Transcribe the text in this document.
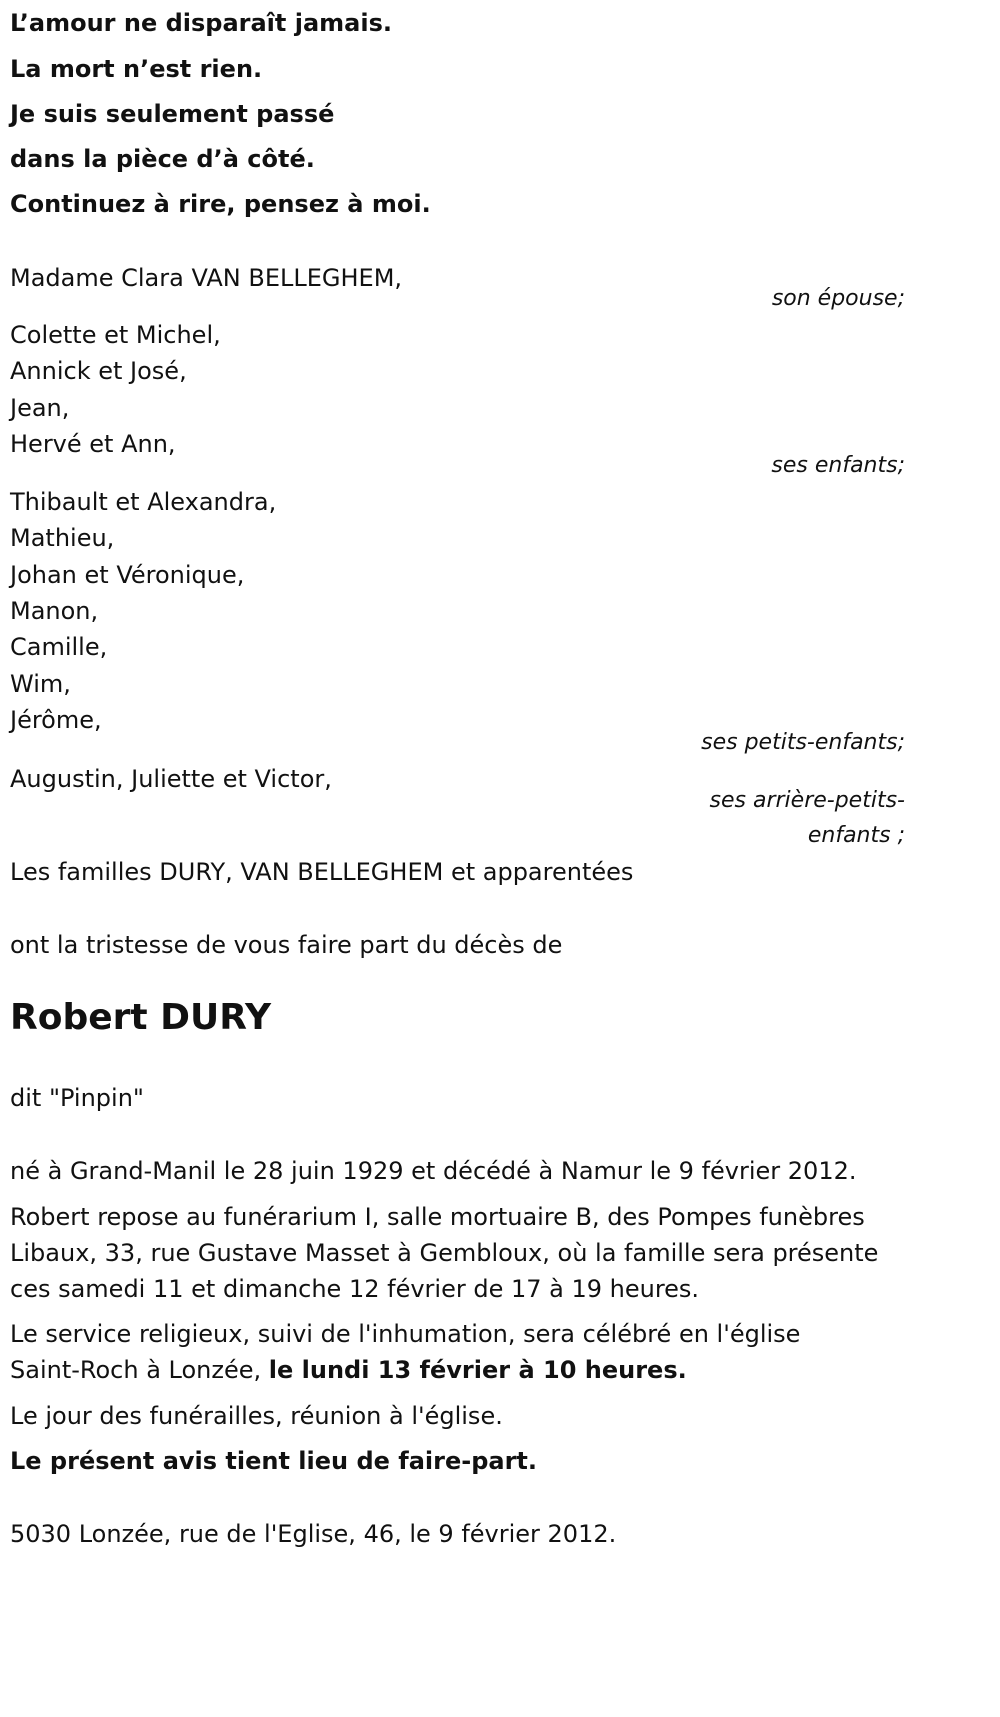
L’amour ne disparaît jamais.
La mort n’est rien.
Je suis seulement passé
dans la pièce d’à côté.
Continuez à rire, pensez à moi.
Madame Clara VAN BELLEGHEM,
son épouse;
Colette et Michel,
Annick et José,
Jean,
Hervé et Ann,
ses enfants;
Thibault et Alexandra,
Mathieu,
Johan et Véronique,
Manon,
Camille,
Wim,
Jérôme,
ses petits-enfants;
Augustin, Juliette et Victor,
ses arrière-petits-
enfants ;
Les familles DURY, VAN BELLEGHEM et apparentées
ont la tristesse de vous faire part du décès de
Robert DURY
dit "Pinpin"
né à Grand-Manil le 28 juin 1929 et décédé à Namur le 9 février 2012.
Robert repose au funérarium I, salle mortuaire B, des Pompes funèbres
Libaux, 33, rue Gustave Masset à Gembloux, où la famille sera présente
ces samedi 11 et dimanche 12 février de 17 à 19 heures.
Le service religieux, suivi de l'inhumation, sera célébré en l'église
Saint-Roch à Lonzée, le lundi 13 février à 10 heures.
Le jour des funérailles, réunion à l'église.
Le présent avis tient lieu de faire-part.
5030 Lonzée, rue de l'Eglise, 46, le 9 février 2012.
